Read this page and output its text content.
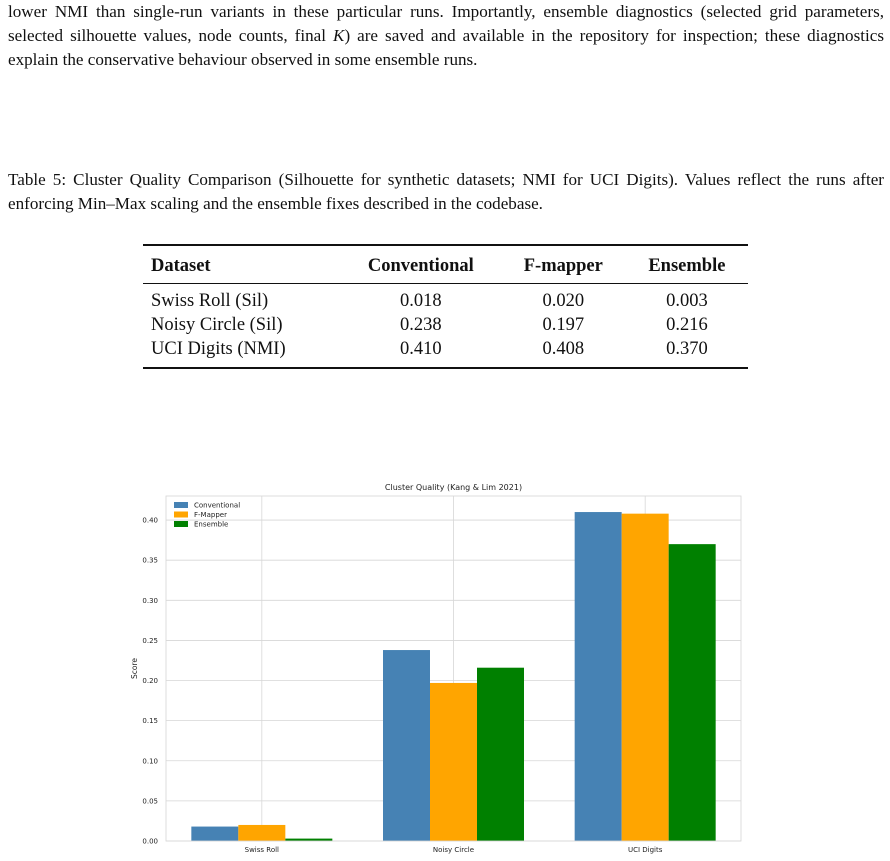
lower NMI than single-run variants in these particular runs. Importantly, ensemble diagnostics (selected grid parameters, selected silhouette values, node counts, final K) are saved and available in the repository for inspection; these diagnostics explain the conservative behaviour observed in some ensemble runs.

Table 5: Cluster Quality Comparison (Silhouette for synthetic datasets; NMI for UCI Digits). Values reflect the runs after enforcing Min–Max scaling and the ensemble fixes described in the codebase.

Dataset	Conventional	F-mapper	Ensemble
Swiss Roll (Sil)	0.018	0.020	0.003
Noisy Circle (Sil)	0.238	0.197	0.216
UCI Digits (NMI)	0.410	0.408	0.370
0.00
0.05
0.10
0.15
0.20
0.25
0.30
0.35
0.40
Swiss Roll	Noisy Circle	UCI Digits
Cluster Quality (Kang & Lim 2021)
Score
Conventional
F-Mapper
Ensemble
